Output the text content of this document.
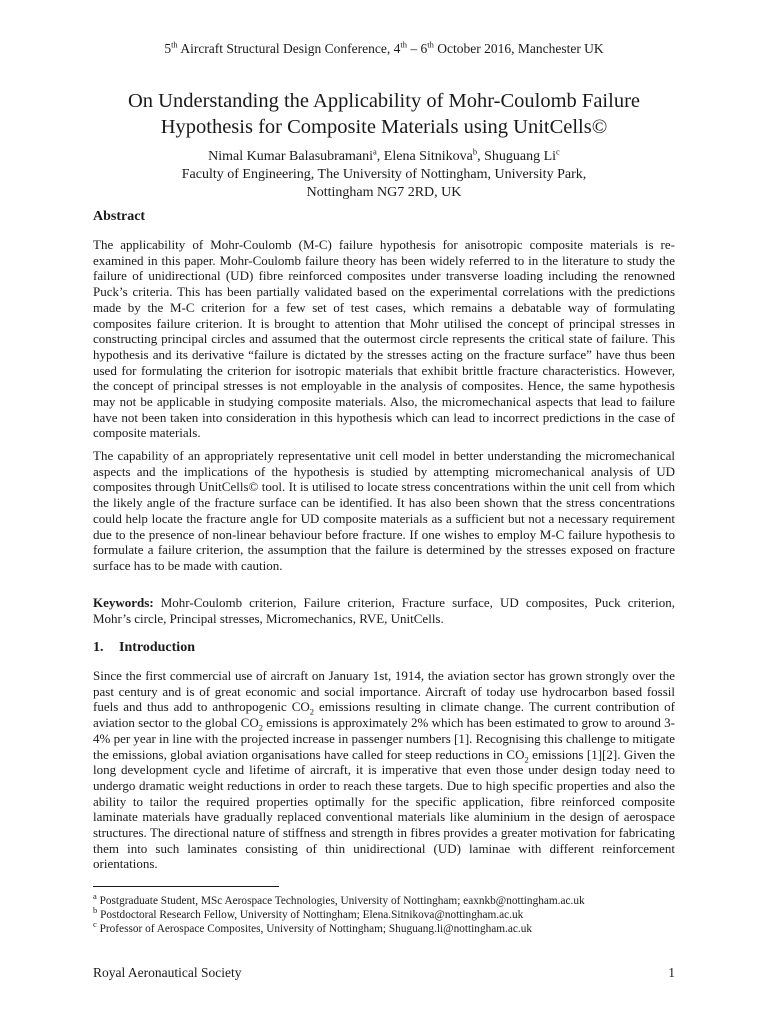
5th Aircraft Structural Design Conference, 4th – 6th October 2016, Manchester UK
On Understanding the Applicability of Mohr-Coulomb Failure
Hypothesis for Composite Materials using UnitCells©
Nimal Kumar Balasubramani$^a$, Elena Sitnikova$^b$, Shuguang Li$^c$
Faculty of Engineering, The University of Nottingham, University Park,
Nottingham NG7 2RD, UK
Abstract
The applicability of Mohr-Coulomb (M-C) failure hypothesis for anisotropic composite materials is re-examined in this paper. Mohr-Coulomb failure theory has been widely referred to in the literature to study the failure of unidirectional (UD) fibre reinforced composites under transverse loading including the renowned Puck’s criteria. This has been partially validated based on the experimental correlations with the predictions made by the M-C criterion for a few set of test cases, which remains a debatable way of formulating composites failure criterion. It is brought to attention that Mohr utilised the concept of principal stresses in constructing principal circles and assumed that the outermost circle represents the critical state of failure. This hypothesis and its derivative “failure is dictated by the stresses acting on the fracture surface” have thus been used for formulating the criterion for isotropic materials that exhibit brittle fracture characteristics. However, the concept of principal stresses is not employable in the analysis of composites. Hence, the same hypothesis may not be applicable in studying composite materials. Also, the micromechanical aspects that lead to failure have not been taken into consideration in this hypothesis which can lead to incorrect predictions in the case of composite materials.
The capability of an appropriately representative unit cell model in better understanding the micromechanical aspects and the implications of the hypothesis is studied by attempting micromechanical analysis of UD composites through UnitCells© tool. It is utilised to locate stress concentrations within the unit cell from which the likely angle of the fracture surface can be identified. It has also been shown that the stress concentrations could help locate the fracture angle for UD composite materials as a sufficient but not a necessary requirement due to the presence of non-linear behaviour before fracture. If one wishes to employ M-C failure hypothesis to formulate a failure criterion, the assumption that the failure is determined by the stresses exposed on fracture surface has to be made with caution.
Keywords: Mohr-Coulomb criterion, Failure criterion, Fracture surface, UD composites, Puck criterion, Mohr’s circle, Principal stresses, Micromechanics, RVE, UnitCells.
1. Introduction
Since the first commercial use of aircraft on January 1st, 1914, the aviation sector has grown strongly over the past century and is of great economic and social importance. Aircraft of today use hydrocarbon based fossil fuels and thus add to anthropogenic $CO_2$ emissions resulting in climate change. The current contribution of aviation sector to the global $CO_2$ emissions is approximately 2% which has been estimated to grow to around 3-4% per year in line with the projected increase in passenger numbers [1]. Recognising this challenge to mitigate the emissions, global aviation organisations have called for steep reductions in $CO_2$ emissions [1][2]. Given the long development cycle and lifetime of aircraft, it is imperative that even those under design today need to undergo dramatic weight reductions in order to reach these targets. Due to high specific properties and also the ability to tailor the required properties optimally for the specific application, fibre reinforced composite laminate materials have gradually replaced conventional materials like aluminium in the design of aerospace structures. The directional nature of stiffness and strength in fibres provides a greater motivation for fabricating them into such laminates consisting of thin unidirectional (UD) laminae with different reinforcement orientations.
$^a$ Postgraduate Student, MSc Aerospace Technologies, University of Nottingham; eaxnkb@nottingham.ac.uk
$^b$ Postdoctoral Research Fellow, University of Nottingham; Elena.Sitnikova@nottingham.ac.uk
$^c$ Professor of Aerospace Composites, University of Nottingham; Shuguang.li@nottingham.ac.uk
Royal Aeronautical Society	1
